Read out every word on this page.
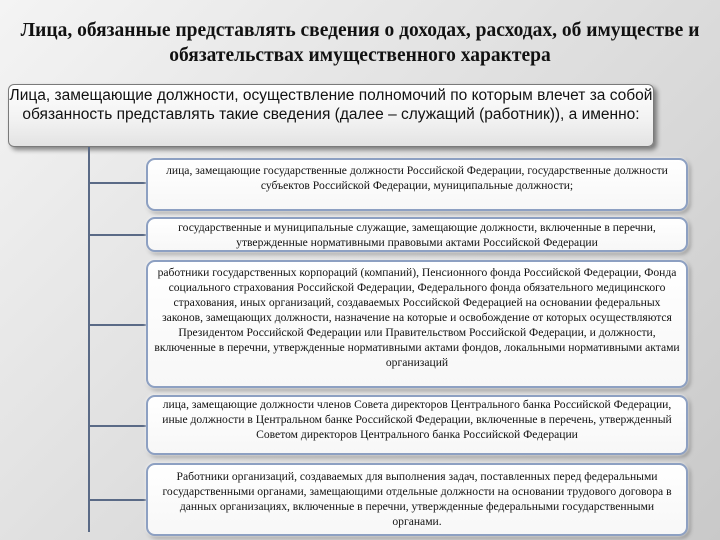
Лица, обязанные представлять сведения о доходах, расходах, об имуществе и обязательствах имущественного характера
Лица, замещающие должности, осуществление полномочий по которым влечет за собой обязанность представлять такие сведения (далее – служащий (работник)), а именно:
лица, замещающие государственные должности Российской Федерации, государственные должности субъектов Российской Федерации, муниципальные должности;
государственные и муниципальные служащие, замещающие должности, включенные в перечни, утвержденные нормативными правовыми актами Российской Федерации
работники государственных корпораций (компаний), Пенсионного фонда Российской Федерации, Фонда социального страхования Российской Федерации, Федерального фонда обязательного медицинского страхования, иных организаций, создаваемых Российской Федерацией на основании федеральных законов, замещающих должности, назначение на которые и освобождение от которых осуществляются Президентом Российской Федерации или Правительством Российской Федерации, и должности, включенные в перечни, утвержденные нормативными актами фондов, локальными нормативными актами организаций
лица, замещающие должности членов Совета директоров Центрального банка Российской Федерации, иные должности в Центральном банке Российской Федерации, включенные в перечень, утвержденный Советом директоров Центрального банка Российской Федерации
Работники организаций, создаваемых для выполнения задач, поставленных перед федеральными государственными органами, замещающими отдельные должности на основании трудового договора в данных организациях, включенные в перечни, утвержденные федеральными государственными органами.
